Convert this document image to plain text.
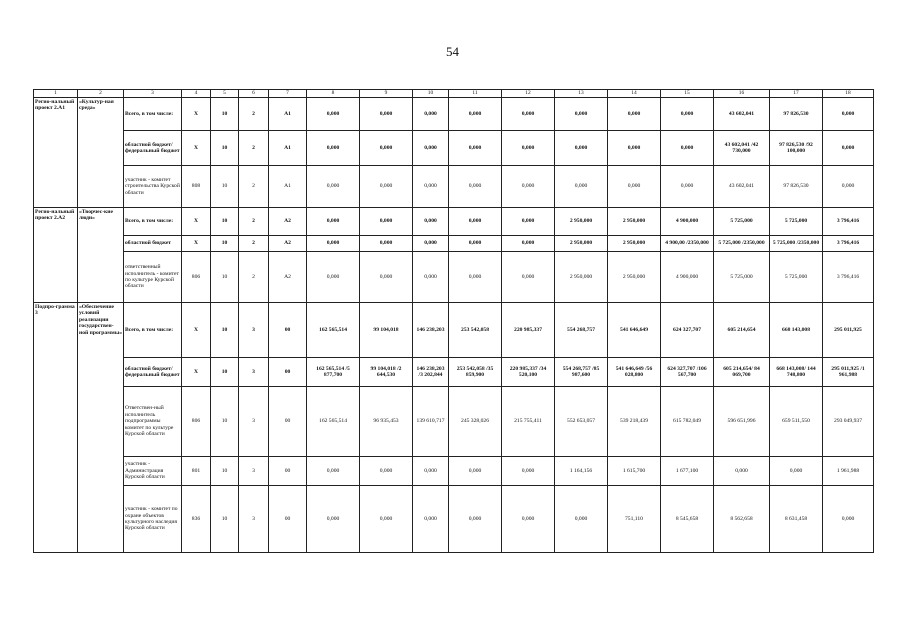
54
1	2	3	4	5	6	7	8	9	10	11	12	13	14	15	16	17	18
Регио-нальный проект 2.А1	«Культур-ная среда»	Всего, в том числе:	Х	10	2	А1	0,000	0,000	0,000	0,000	0,000	0,000	0,000	0,000	43 602,041	97 826,530	0,000
		областной бюджет/ федеральный бюджет	Х	10	2	А1	0,000	0,000	0,000	0,000	0,000	0,000	0,000	0,000	43 602,041 /42 730,000	97 826,530 /92 100,000	0,000
		участник - комитет строительства Курской области	808	10	2	А1	0,000	0,000	0,000	0,000	0,000	0,000	0,000	0,000	43 602,041	97 826,530	0,000
Регио-нальный проект 2.А2	«Творчес-кие люди»	Всего, в том числе:	Х	10	2	А2	0,000	0,000	0,000	0,000	0,000	2 950,000	2 950,000	4 900,000	5 725,000	5 725,000	3 796,416
		областной бюджет	Х	10	2	А2	0,000	0,000	0,000	0,000	0,000	2 950,000	2 950,000	4 900,00 /2350,000	5 725,000 /2350,000	5 725,000 /2350,000	3 796,416
		ответственный исполнитель - комитет по культуре Курской области	806	10	2	А2	0,000	0,000	0,000	0,000	0,000	2 950,000	2 950,000	4 900,000	5 725,000	5 725,000	3 796,416
Подпро-грамма 3	«Обеспечение условий реализации государствен-ной программы»	Всего, в том числе:	Х	10	3	00	162 565,514	99 104,018	146 238,203	253 542,058	220 985,337	554 268,757	541 646,649	624 327,707	605 214,654	668 143,008	295 011,925
		областной бюджет/ федеральный бюджет	Х	10	3	00	162 565,514 /5 877,700	99 104,018 /2 644,530	146 238,203 /3 202,844	253 542,058 /35 859,900	220 985,337 /34 520,100	554 268,757 /85 987,600	541 646,649 /56 028,800	624 327,707 /106 567,700	605 214,654/ 84 069,700	668 143,008/ 144 748,800	295 011,925 /1 961,988
		Ответствен-ный исполнитель подпрограммы комитет по культуре Курской области	806	10	3	00	162 565,514	96 935,453	139 610,717	245 328,026	215 755,411	552 653,057	539 218,439	615 782,049	596 651,996	659 511,550	293 049,937
		участник - Администрация Курской области	801	10	3	00	0,000	0,000	0,000	0,000	0,000	1 164,156	1 615,700	1 677,100	0,000	0,000	1 961,988
		участник - комитет по охране объектов культурного наследия Курской области	836	10	3	00	0,000	0,000	0,000	0,000	0,000	0,000	751,110	8 545,658	8 562,658	8 631,458	0,000
